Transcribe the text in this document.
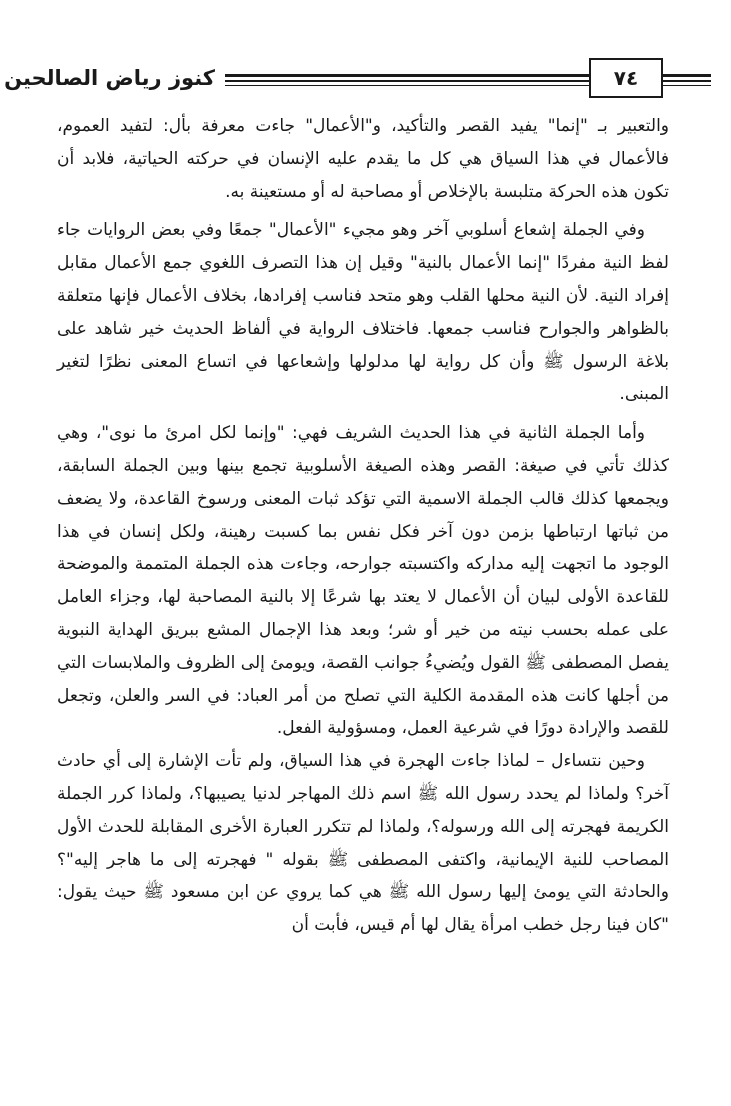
٧٤
كنوز رياض الصالحين

والتعبير بـ "إنما" يفيد القصر والتأكيد، و"الأعمال" جاءت معرفة بأل: لتفيد العموم، فالأعمال في هذا السياق هي كل ما يقدم عليه الإنسان في حركته الحياتية، فلابد أن تكون هذه الحركة متلبسة بالإخلاص أو مصاحبة له أو مستعينة به.

وفي الجملة إشعاع أسلوبي آخر وهو مجيء "الأعمال" جمعًا وفي بعض الروايات جاء لفظ النية مفردًا "إنما الأعمال بالنية" وقيل إن هذا التصرف اللغوي جمع الأعمال مقابل إفراد النية. لأن النية محلها القلب وهو متحد فناسب إفرادها، بخلاف الأعمال فإنها متعلقة بالظواهر والجوارح فناسب جمعها. فاختلاف الرواية في ألفاظ الحديث خير شاهد على بلاغة الرسول ﷺ وأن كل رواية لها مدلولها وإشعاعها في اتساع المعنى نظرًا لتغير المبنى.

وأما الجملة الثانية في هذا الحديث الشريف فهي: "وإنما لكل امرئ ما نوى"، وهي كذلك تأتي في صيغة: القصر وهذه الصيغة الأسلوبية تجمع بينها وبين الجملة السابقة، ويجمعها كذلك قالب الجملة الاسمية التي تؤكد ثبات المعنى ورسوخ القاعدة، ولا يضعف من ثباتها ارتباطها بزمن دون آخر فكل نفس بما كسبت رهينة، ولكل إنسان في هذا الوجود ما اتجهت إليه مداركه واكتسبته جوارحه، وجاءت هذه الجملة المتممة والموضحة للقاعدة الأولى لبيان أن الأعمال لا يعتد بها شرعًا إلا بالنية المصاحبة لها، وجزاء العامل على عمله بحسب نيته من خير أو شر؛ وبعد هذا الإجمال المشع ببريق الهداية النبوية يفصل المصطفى ﷺ القول ويُضيءُ جوانب القصة، ويومئ إلى الظروف والملابسات التي من أجلها كانت هذه المقدمة الكلية التي تصلح من أمر العباد: في السر والعلن، وتجعل للقصد والإرادة دورًا في شرعية العمل، ومسؤولية الفعل.

وحين نتساءل – لماذا جاءت الهجرة في هذا السياق، ولم تأت الإشارة إلى أي حادث آخر؟ ولماذا لم يحدد رسول الله ﷺ اسم ذلك المهاجر لدنيا يصيبها؟، ولماذا كرر الجملة الكريمة فهجرته إلى الله ورسوله؟، ولماذا لم تتكرر العبارة الأخرى المقابلة للحدث الأول المصاحب للنية الإيمانية، واكتفى المصطفى ﷺ بقوله " فهجرته إلى ما هاجر إليه"؟ والحادثة التي يومئ إليها رسول الله ﷺ هي كما يروي عن ابن مسعود ﷺ حيث يقول: "كان فينا رجل خطب امرأة يقال لها أم قيس، فأبت أن
